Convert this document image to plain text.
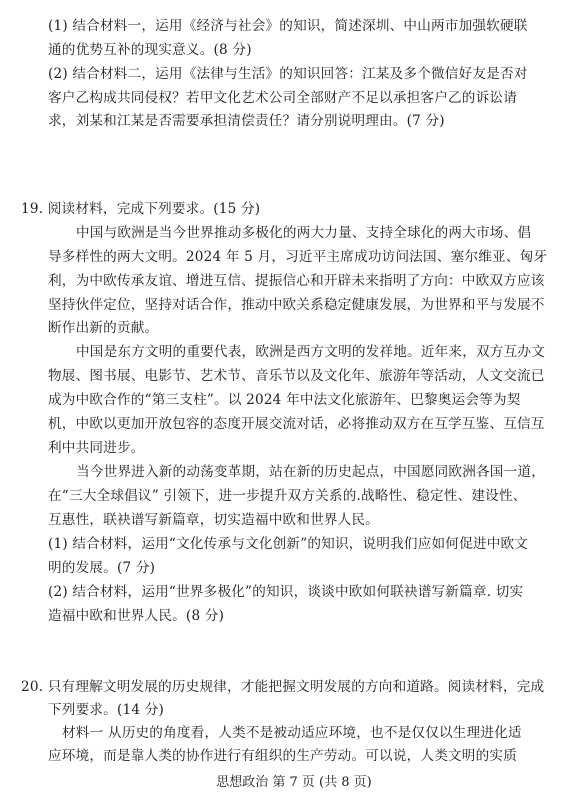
(1) 结合材料一，运用《经济与社会》的知识，简述深圳、中山两市加强软硬联
通的优势互补的现实意义。(8 分)
(2) 结合材料二，运用《法律与生活》的知识回答：江某及多个微信好友是否对
客户乙构成共同侵权？若甲文化艺术公司全部财产不足以承担客户乙的诉讼请
求，刘某和江某是否需要承担清偿责任？请分别说明理由。(7 分)
19. 阅读材料，完成下列要求。(15 分)
中国与欧洲是当今世界推动多极化的两大力量、支持全球化的两大市场、倡
导多样性的两大文明。2024 年 5 月，习近平主席成功访问法国、塞尔维亚、匈牙
利，为中欧传承友谊、增进互信、提振信心和开辟未来指明了方向：中欧双方应该
坚持伙伴定位，坚持对话合作，推动中欧关系稳定健康发展，为世界和平与发展不
断作出新的贡献。
中国是东方文明的重要代表，欧洲是西方文明的发祥地。近年来，双方互办文
物展、图书展、电影节、艺术节、音乐节以及文化年、旅游年等活动，人文交流已
成为中欧合作的“第三支柱”。以 2024 年中法文化旅游年、巴黎奥运会等为契
机，中欧以更加开放包容的态度开展交流对话，必将推动双方在互学互鉴、互信互
利中共同进步。
当今世界进入新的动荡变革期，站在新的历史起点，中国愿同欧洲各国一道，
在“三大全球倡议” 引领下，进一步提升双方关系的.战略性、稳定性、建设性、
互惠性，联袂谱写新篇章，切实造福中欧和世界人民。
(1) 结合材料，运用“文化传承与文化创新”的知识，说明我们应如何促进中欧文
明的发展。(7 分)
(2) 结合材料，运用“世界多极化”的知识，谈谈中欧如何联袂谱写新篇章. 切实
造福中欧和世界人民。(8 分)
20. 只有理解文明发展的历史规律，才能把握文明发展的方向和道路。阅读材料，完成
下列要求。(14 分)
材料一 从历史的角度看，人类不是被动适应环境，也不是仅仅以生理进化适
思想政治 第 7 页 (共 8 页)
应环境，而是靠人类的协作进行有组织的生产劳动。可以说，人类文明的实质
